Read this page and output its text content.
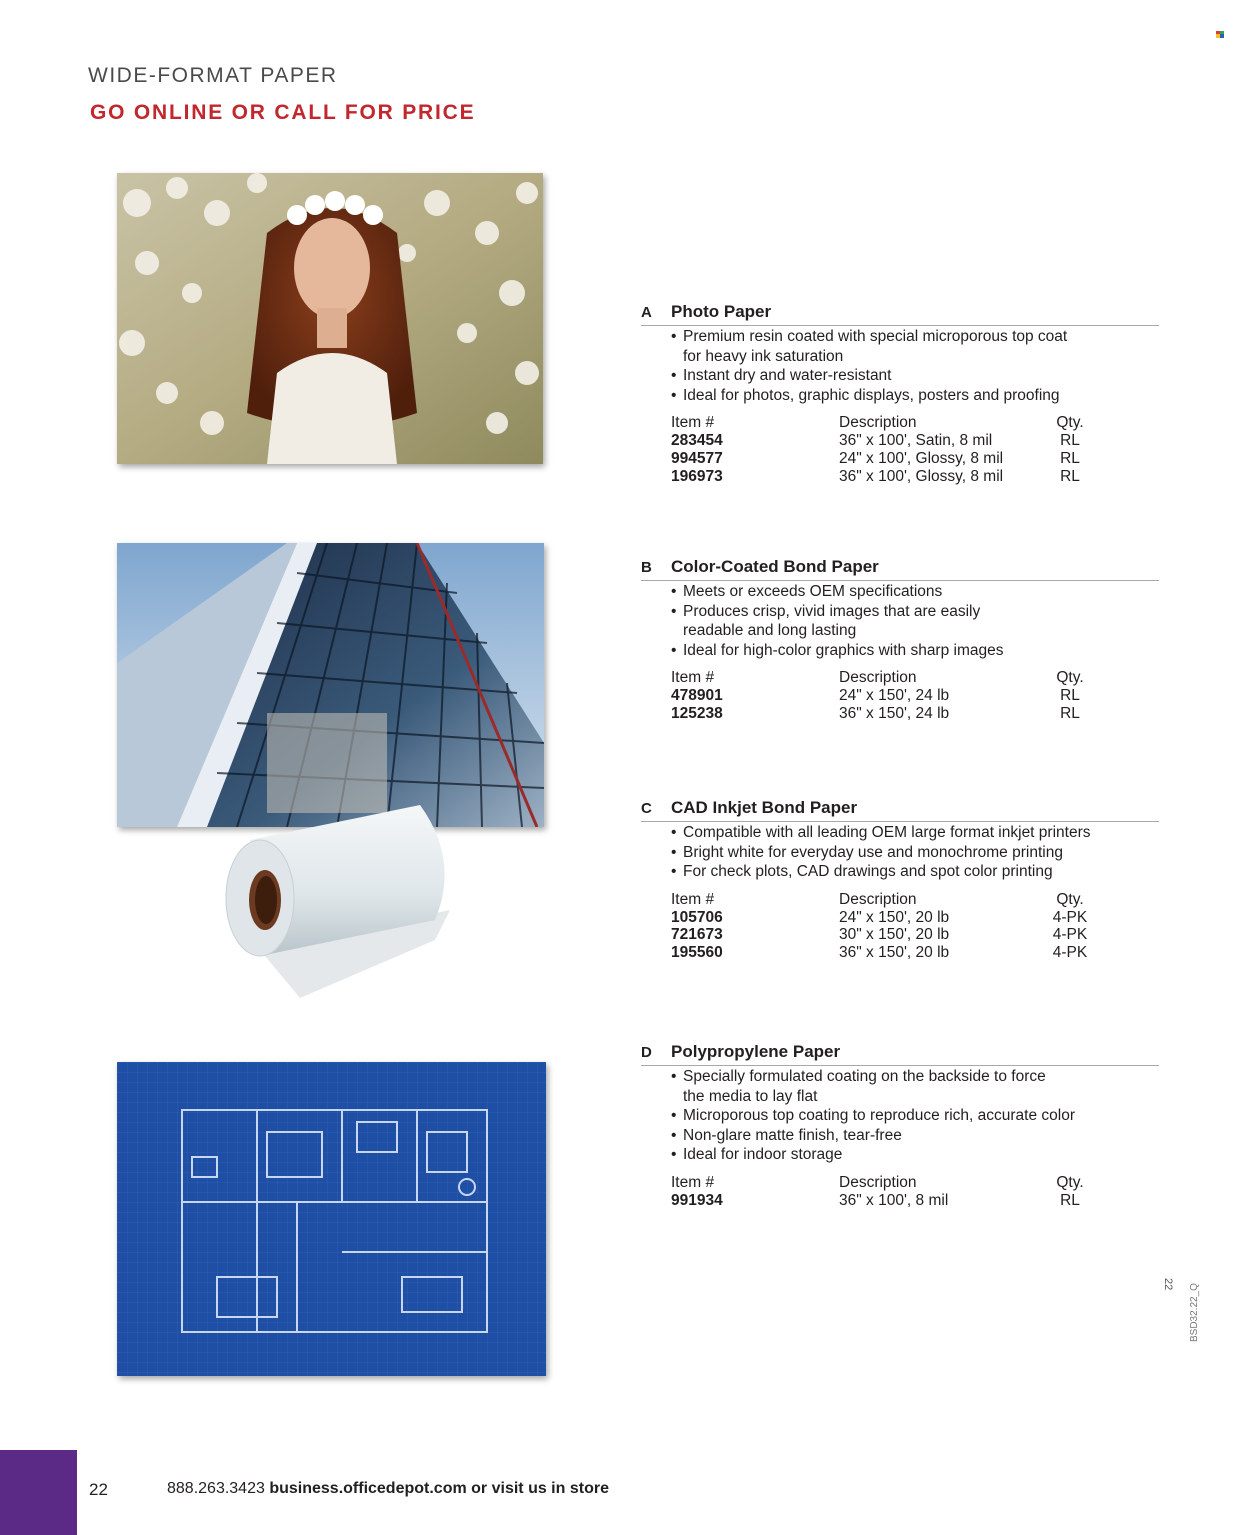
WIDE-FORMAT PAPER
GO ONLINE OR CALL FOR PRICE
A	Photo Paper
• Premium resin coated with special microporous top coat
for heavy ink saturation
• Instant dry and water-resistant
• Ideal for photos, graphic displays, posters and proofing
Item #	Description	Qty.
283454	36" x 100', Satin, 8 mil	RL
994577	24" x 100', Glossy, 8 mil	RL
196973	36" x 100', Glossy, 8 mil	RL
B	Color-Coated Bond Paper
• Meets or exceeds OEM specifications
• Produces crisp, vivid images that are easily
readable and long lasting
• Ideal for high-color graphics with sharp images
Item #	Description	Qty.
478901	24" x 150', 24 lb	RL
125238	36" x 150', 24 lb	RL
C	CAD Inkjet Bond Paper
• Compatible with all leading OEM large format inkjet printers
• Bright white for everyday use and monochrome printing
• For check plots, CAD drawings and spot color printing
Item #	Description	Qty.
105706	24" x 150', 20 lb	4-PK
721673	30" x 150', 20 lb	4-PK
195560	36" x 150', 20 lb	4-PK
D	Polypropylene Paper
• Specially formulated coating on the backside to force
the media to lay flat
• Microporous top coating to reproduce rich, accurate color
• Non-glare matte finish, tear-free
• Ideal for indoor storage
Item #	Description	Qty.
991934	36" x 100', 8 mil	RL
22 BSD32.22_Q
22	888.263.3423 business.officedepot.com or visit us in store
